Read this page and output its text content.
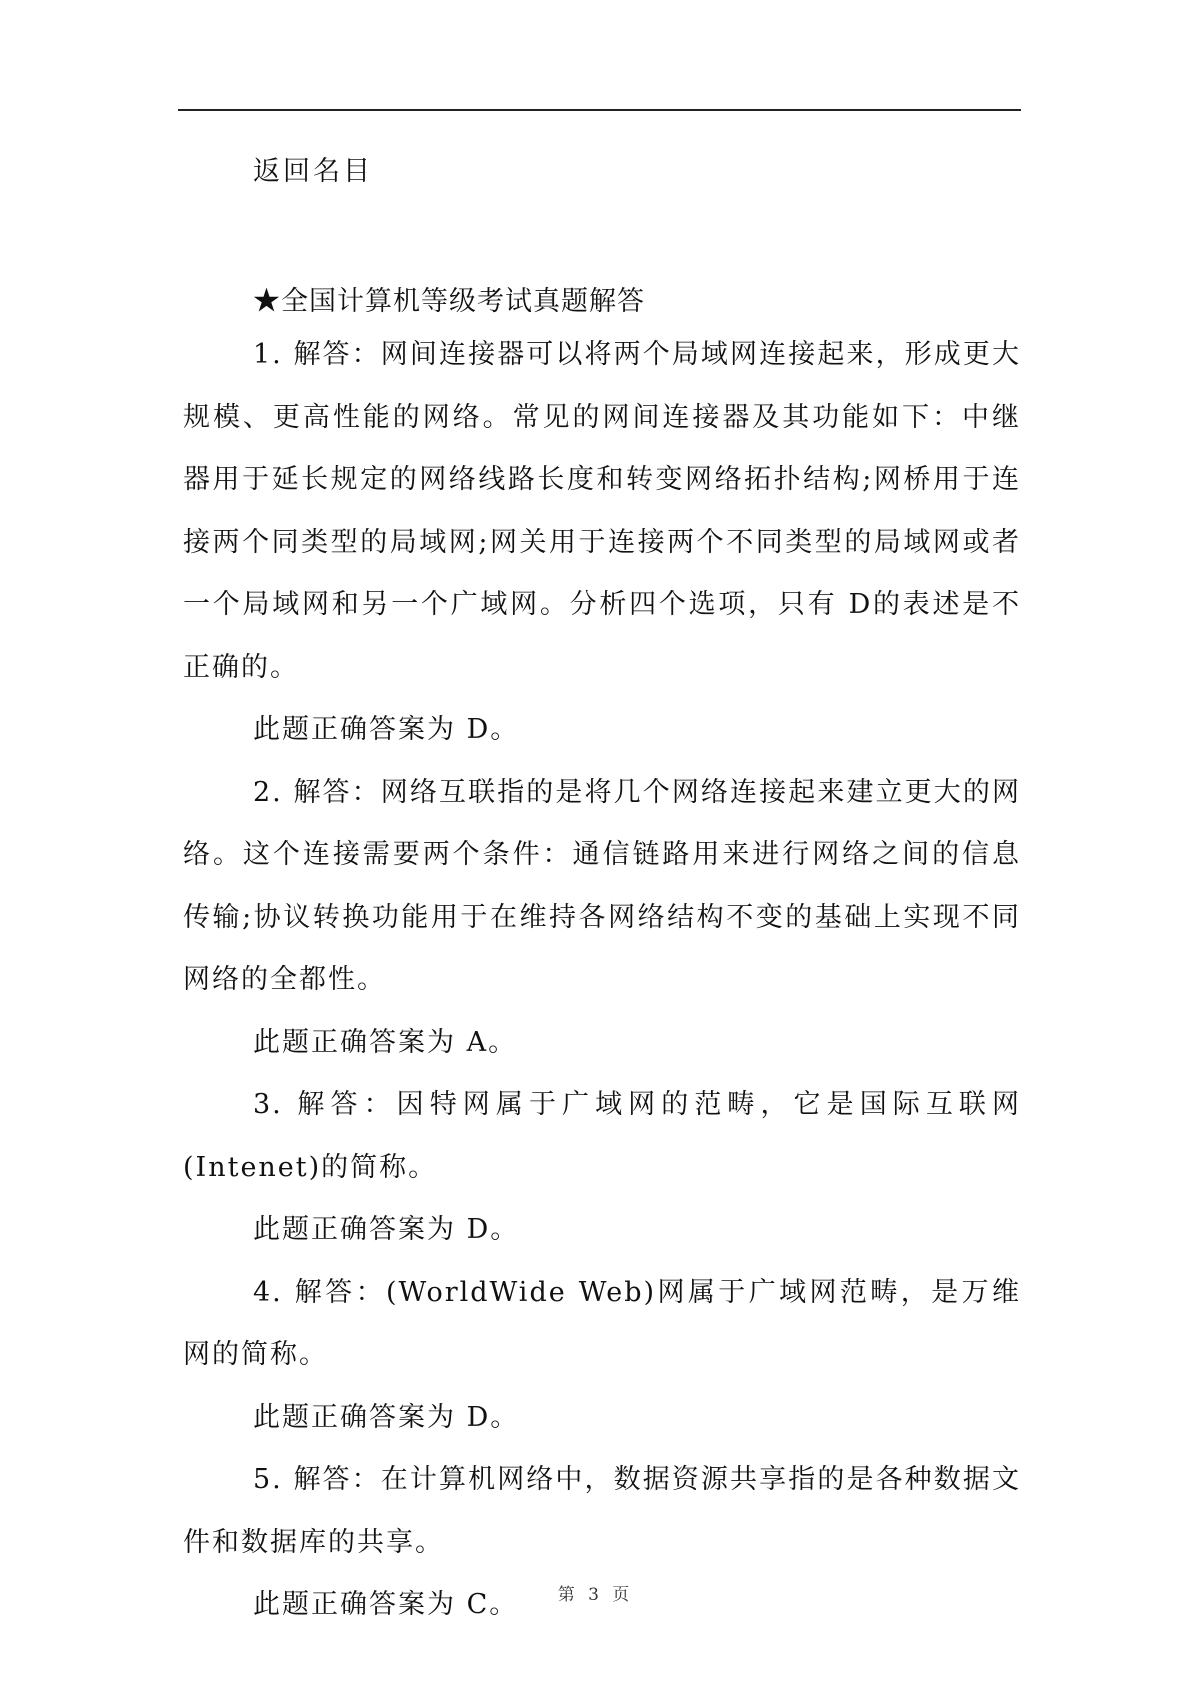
返回名目
★全国计算机等级考试真题解答

1. 解答：网间连接器可以将两个局域网连接起来，形成更大规模、更高性能的网络。常见的网间连接器及其功能如下：中继器用于延长规定的网络线路长度和转变网络拓扑结构;网桥用于连接两个同类型的局域网;网关用于连接两个不同类型的局域网或者一个局域网和另一个广域网。分析四个选项，只有 D的表述是不正确的。

此题正确答案为 D。

2. 解答：网络互联指的是将几个网络连接起来建立更大的网络。这个连接需要两个条件：通信链路用来进行网络之间的信息传输;协议转换功能用于在维持各网络结构不变的基础上实现不同网络的全都性。

此题正确答案为 A。

3. 解答：因特网属于广域网的范畴，它是国际互联网(Intenet)的简称。

此题正确答案为 D。

4. 解答：(WorldWide Web)网属于广域网范畴，是万维网的简称。

此题正确答案为 D。

5. 解答：在计算机网络中，数据资源共享指的是各种数据文件和数据库的共享。

此题正确答案为 C。	第 3 页
